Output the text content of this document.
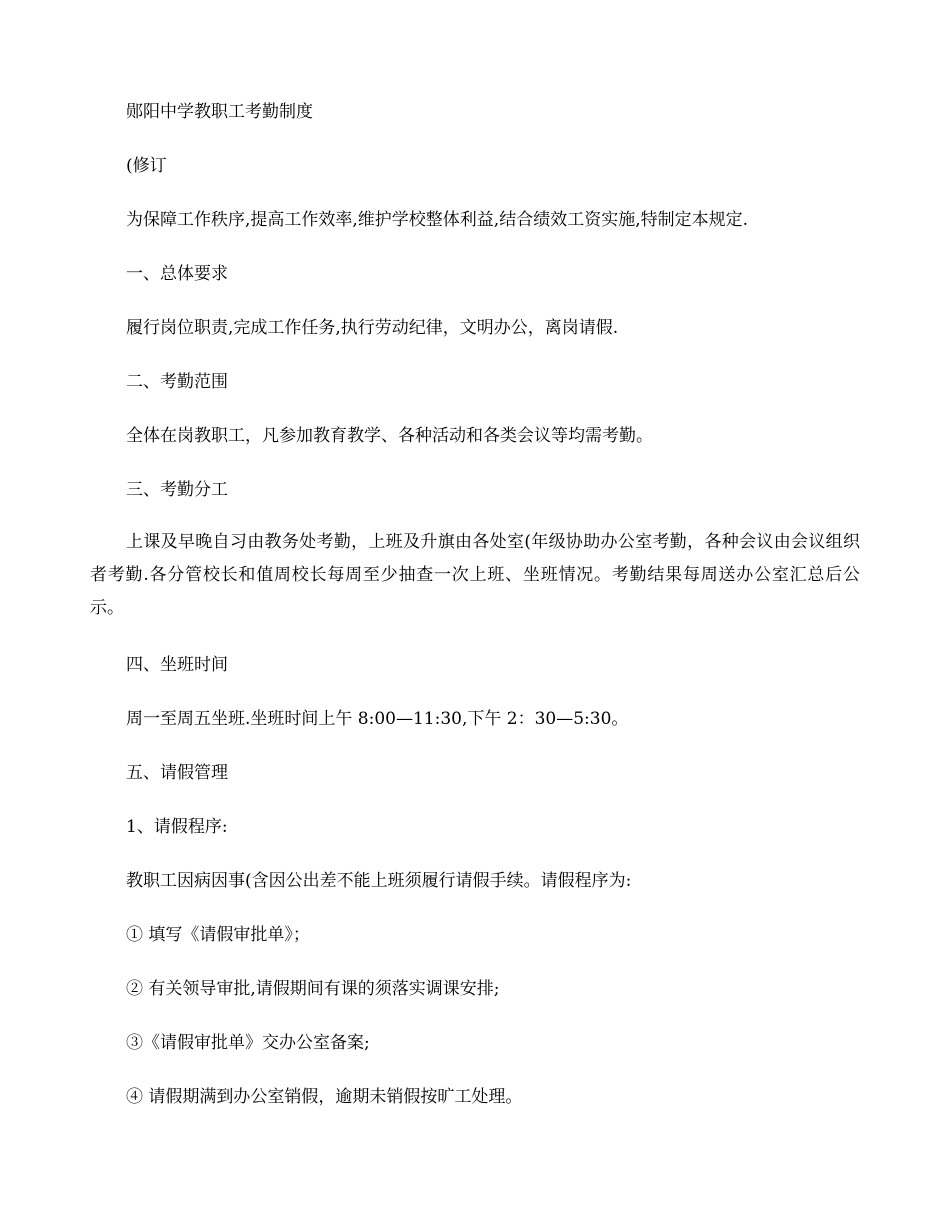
郧阳中学教职工考勤制度

(修订

为保障工作秩序,提高工作效率,维护学校整体利益,结合绩效工资实施,特制定本规定.

一、总体要求

履行岗位职责,完成工作任务,执行劳动纪律，文明办公，离岗请假.

二、考勤范围

全体在岗教职工，凡参加教育教学、各种活动和各类会议等均需考勤。

三、考勤分工

上课及早晚自习由教务处考勤，上班及升旗由各处室(年级协助办公室考勤，各种会议由会议组织者考勤.各分管校长和值周校长每周至少抽查一次上班、坐班情况。考勤结果每周送办公室汇总后公示。

四、坐班时间

周一至周五坐班.坐班时间上午 8:00—11:30,下午 2：30—5:30。

五、请假管理

1、请假程序:

教职工因病因事(含因公出差不能上班须履行请假手续。请假程序为:

① 填写《请假审批单》；

② 有关领导审批,请假期间有课的须落实调课安排;

③《请假审批单》交办公室备案;

④ 请假期满到办公室销假，逾期未销假按旷工处理。
